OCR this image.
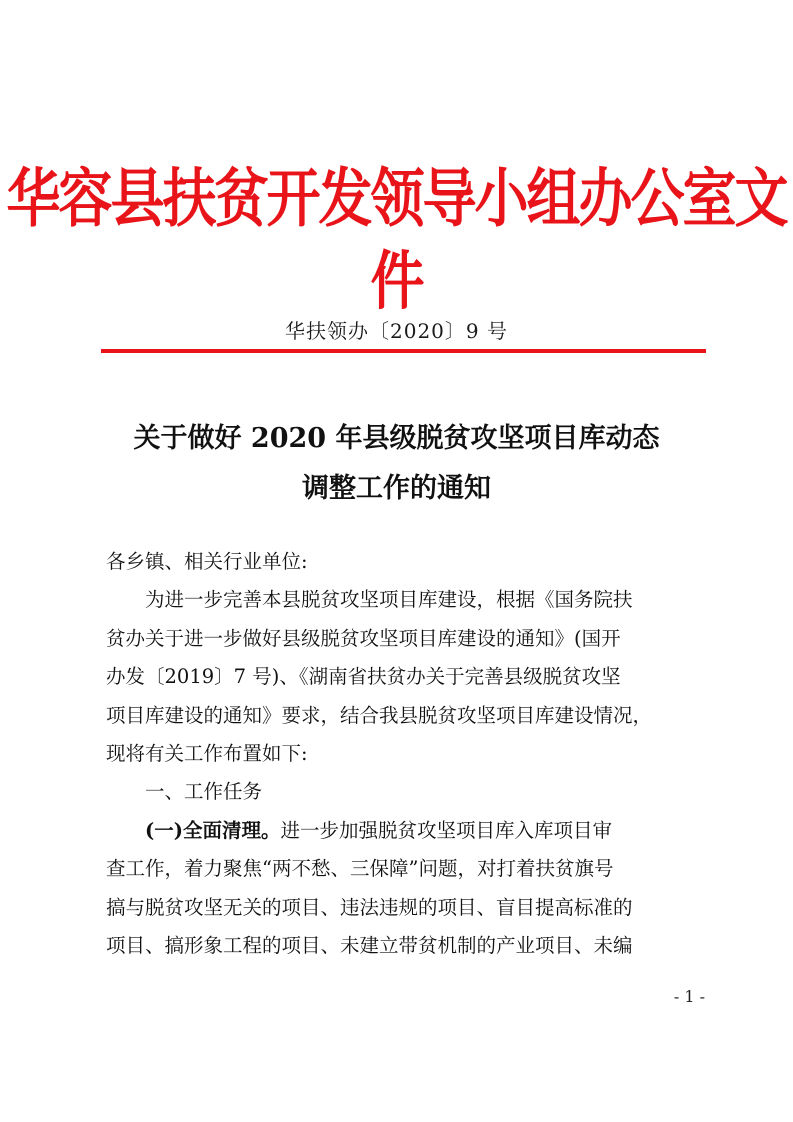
华容县扶贫开发领导小组办公室文件
华扶领办〔2020〕9 号
关于做好 2020 年县级脱贫攻坚项目库动态
调整工作的通知
各乡镇、相关行业单位:
为进一步完善本县脱贫攻坚项目库建设，根据《国务院扶
贫办关于进一步做好县级脱贫攻坚项目库建设的通知》(国开
办发〔2019〕7 号)、《湖南省扶贫办关于完善县级脱贫攻坚
项目库建设的通知》要求，结合我县脱贫攻坚项目库建设情况，
现将有关工作布置如下:
一、工作任务
(一)全面清理。进一步加强脱贫攻坚项目库入库项目审
查工作，着力聚焦“两不愁、三保障”问题，对打着扶贫旗号
搞与脱贫攻坚无关的项目、违法违规的项目、盲目提高标准的
项目、搞形象工程的项目、未建立带贫机制的产业项目、未编
- 1 -
